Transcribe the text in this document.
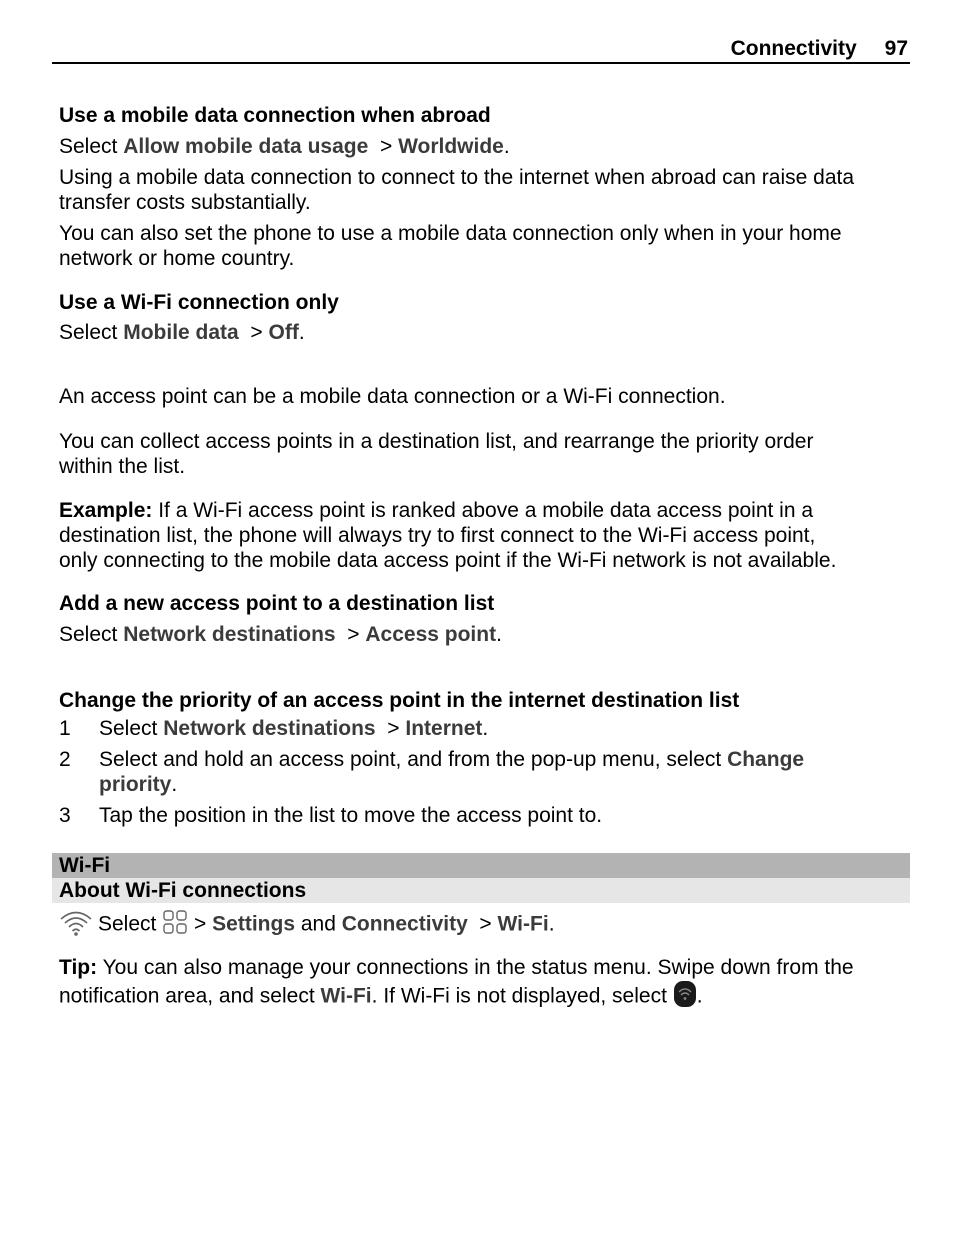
Connectivity 97
Use a mobile data connection when abroad
Select Allow mobile data usage  > Worldwide.
Using a mobile data connection to connect to the internet when abroad can raise data
transfer costs substantially.
You can also set the phone to use a mobile data connection only when in your home
network or home country.
Use a Wi-Fi connection only
Select Mobile data  > Off.
An access point can be a mobile data connection or a Wi-Fi connection.
You can collect access points in a destination list, and rearrange the priority order
within the list.
Example: If a Wi-Fi access point is ranked above a mobile data access point in a
destination list, the phone will always try to first connect to the Wi-Fi access point,
only connecting to the mobile data access point if the Wi-Fi network is not available.
Add a new access point to a destination list
Select Network destinations  > Access point.
Change the priority of an access point in the internet destination list
1 Select Network destinations  > Internet.
2 Select and hold an access point, and from the pop-up menu, select Change
priority.
3 Tap the position in the list to move the access point to.
Wi-Fi
About Wi-Fi connections
Select  > Settings and Connectivity  > Wi-Fi.
Tip: You can also manage your connections in the status menu. Swipe down from the
notification area, and select Wi-Fi. If Wi-Fi is not displayed, select .
